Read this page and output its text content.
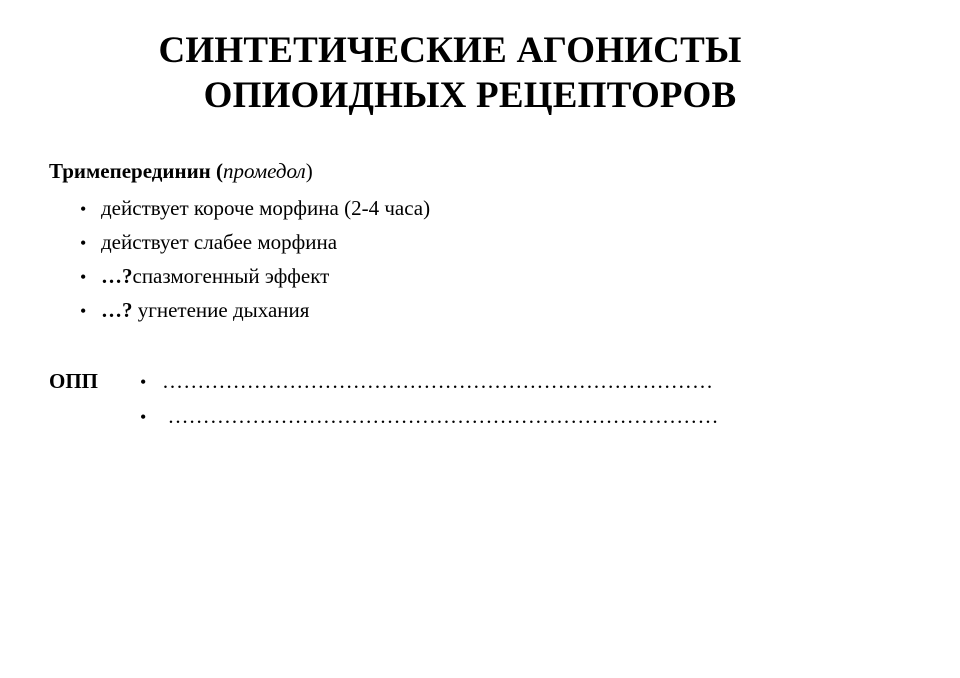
СИНТЕТИЧЕСКИЕ АГОНИСТЫ
ОПИОИДНЫХ РЕЦЕПТОРОВ
Тримеперединин (промедол)
• действует короче морфина (2-4 часа)
• действует слабее морфина
• …?спазмогенный эффект
• …? угнетение дыхания
ОПП • ……………………………………………………………………
• ……………………………………………………………………
